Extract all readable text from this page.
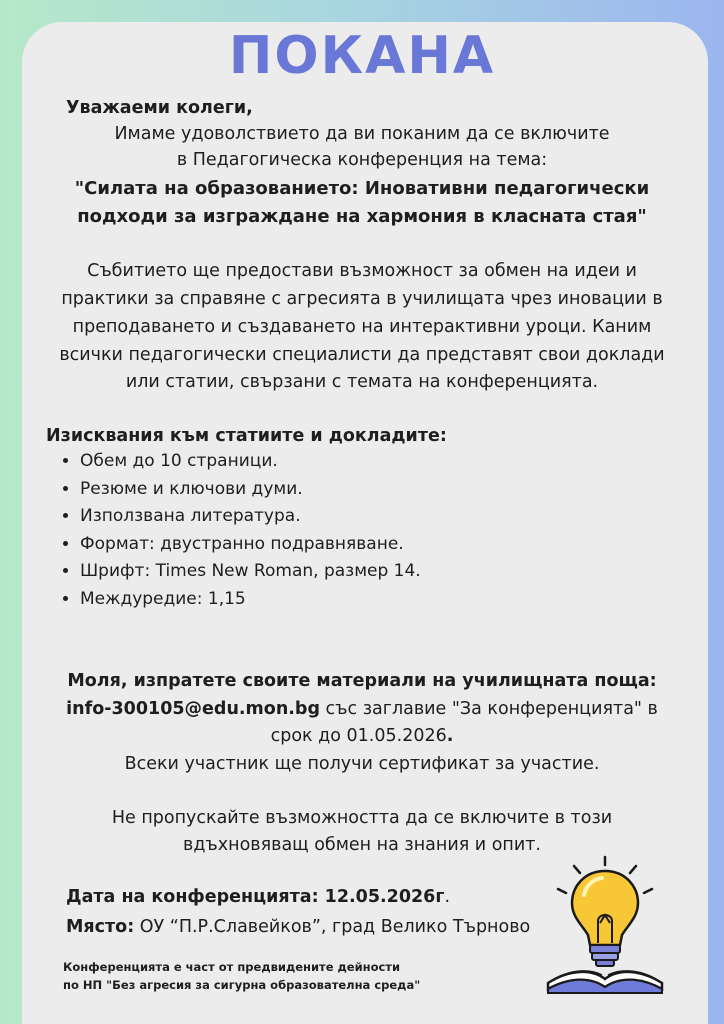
ПОКАНА
Уважаеми колеги,
Имаме удоволствието да ви поканим да се включите
в Педагогическа конференция на тема:
"Силата на образованието: Иновативни педагогически
подходи за изграждане на хармония в класната стая"
Събитието ще предостави възможност за обмен на идеи и
практики за справяне с агресията в училищата чрез иновации в
преподаването и създаването на интерактивни уроци. Каним
всички педагогически специалисти да представят свои доклади
или статии, свързани с темата на конференцията.
Изисквания към статиите и докладите:
• Обем до 10 страници.
• Резюме и ключови думи.
• Използвана литература.
• Формат: двустранно подравняване.
• Шрифт: Times New Roman, размер 14.
• Междуредие: 1,15
Моля, изпратете своите материали на училищната поща:
info-300105@edu.mon.bg със заглавие "За конференцията" в
срок до 01.05.2026.
Всеки участник ще получи сертификат за участие.
Не пропускайте възможността да се включите в този
вдъхновяващ обмен на знания и опит.
Дата на конференцията: 12.05.2026г.
Място: ОУ “П.Р.Славейков”, град Велико Търново
Конференцията е част от предвидените дейности
по НП "Без агресия за сигурна образователна среда"
